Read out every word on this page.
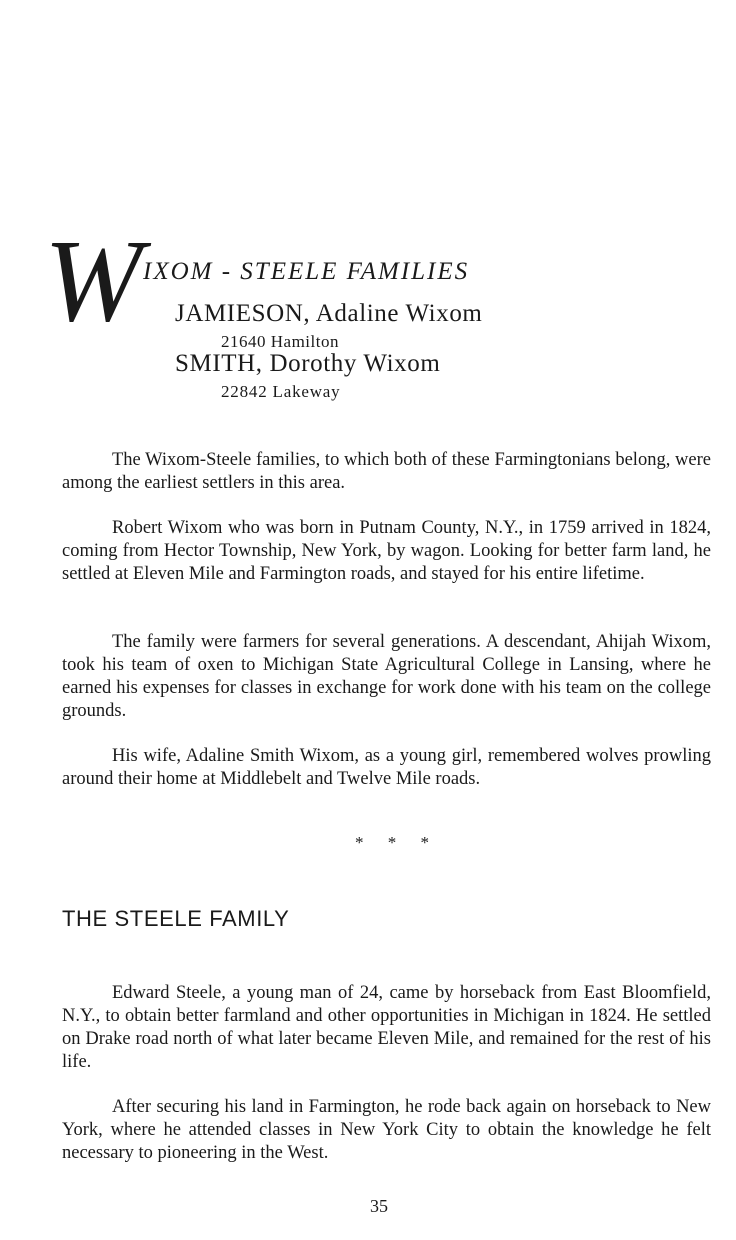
W IXOM - STEELE FAMILIES
JAMIESON, Adaline Wixom
21640 Hamilton
SMITH, Dorothy Wixom
22842 Lakeway

The Wixom-Steele families, to which both of these Farmingtonians belong, were among the earliest settlers in this area.

Robert Wixom who was born in Putnam County, N.Y., in 1759 arrived in 1824, coming from Hector Township, New York, by wagon. Looking for better farm land, he settled at Eleven Mile and Farmington roads, and stayed for his entire lifetime.

The family were farmers for several generations. A descendant, Ahijah Wixom, took his team of oxen to Michigan State Agricultural College in Lansing, where he earned his expenses for classes in exchange for work done with his team on the college grounds.

His wife, Adaline Smith Wixom, as a young girl, remembered wolves prowling around their home at Middlebelt and Twelve Mile roads.

* * *
THE STEELE FAMILY

Edward Steele, a young man of 24, came by horseback from East Bloomfield, N.Y., to obtain better farmland and other opportunities in Michigan in 1824. He settled on Drake road north of what later became Eleven Mile, and remained for the rest of his life.

After securing his land in Farmington, he rode back again on horseback to New York, where he attended classes in New York City to obtain the knowledge he felt necessary to pioneering in the West.

35
